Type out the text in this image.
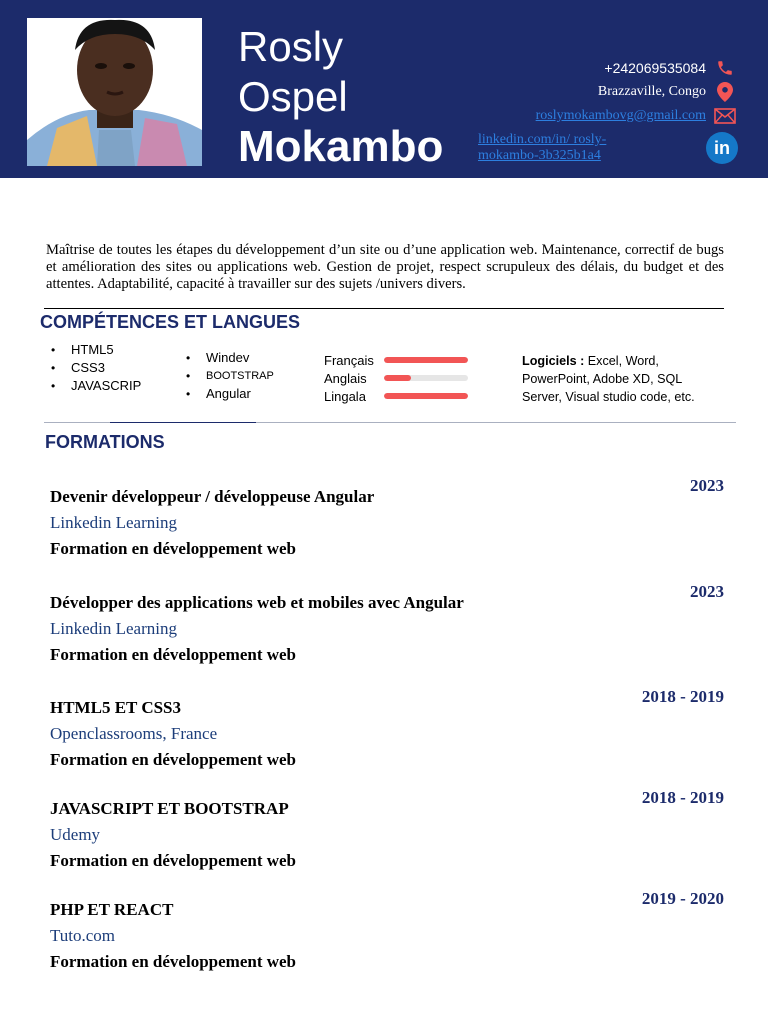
Rosly
Ospel
Mokambo
+242069535084
Brazzaville, Congo
roslymokambovg@gmail.com
linkedin.com/in/ rosly-mokambo-3b325b1a4	in
Maîtrise de toutes les étapes du développement d’un site ou d’une application web. Maintenance, correctif de bugs et amélioration des sites ou applications web. Gestion de projet, respect scrupuleux des délais, du budget et des attentes. Adaptabilité, capacité à travailler sur des sujets /univers divers.
COMPÉTENCES ET LANGUES
• HTML5
• CSS3
• JAVASCRIP
• Windev
• BOOTSTRAP
• Angular
Français
Anglais
Lingala
Logiciels : Excel, Word, PowerPoint, Adobe XD, SQL Server, Visual studio code, etc.
FORMATIONS
Devenir développeur / développeuse Angular
Linkedin Learning
Formation en développement web
2023
Développer des applications web et mobiles avec Angular
Linkedin Learning
Formation en développement web
2023
HTML5 ET CSS3
Openclassrooms, France
Formation en développement web
2018 - 2019
JAVASCRIPT ET BOOTSTRAP
Udemy
Formation en développement web
2018 - 2019
PHP ET REACT
Tuto.com
Formation en développement web
2019 - 2020
